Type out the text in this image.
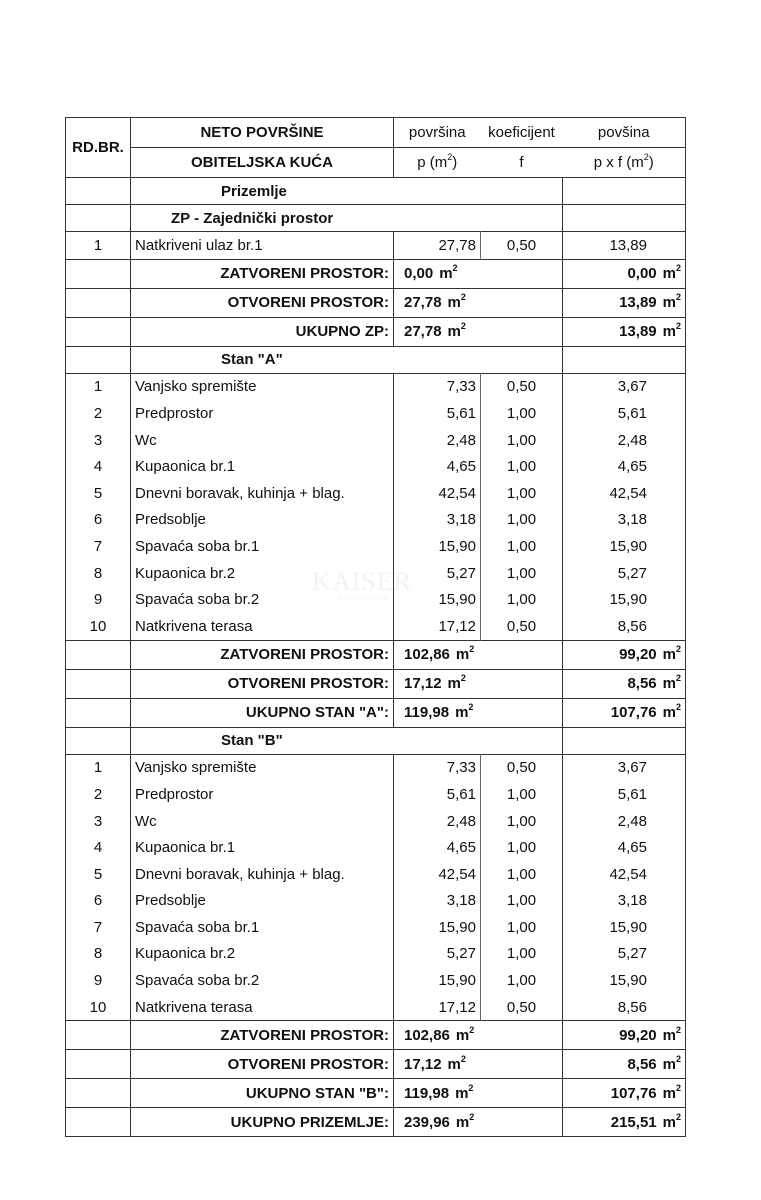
RD.BR.	NETO POVRŠINE	površina	koeficijent	povšina
	OBITELJSKA KUĆA	p $(m^2)$	f	p x f $(m^2)$
	Prizemlje			
	ZP - Zajednički prostor			
1	Natkriveni ulaz br.1	27,78	0,50	13,89
	ZATVORENI PROSTOR:	0,00 $m^2$		0,00 $m^2$
	OTVORENI PROSTOR:	27,78 $m^2$		13,89 $m^2$
	UKUPNO ZP:	27,78 $m^2$		13,89 $m^2$
	Stan "A"			
1	Vanjsko spremište	7,33	0,50	3,67
2	Predprostor	5,61	1,00	5,61
3	Wc	2,48	1,00	2,48
4	Kupaonica br.1	4,65	1,00	4,65
5	Dnevni boravak, kuhinja + blag.	42,54	1,00	42,54
6	Predsoblje	3,18	1,00	3,18
7	Spavaća soba br.1	15,90	1,00	15,90
8	Kupaonica br.2	5,27	1,00	5,27
9	Spavaća soba br.2	15,90	1,00	15,90
10	Natkrivena terasa	17,12	0,50	8,56
	ZATVORENI PROSTOR:	102,86 $m^2$		99,20 $m^2$
	OTVORENI PROSTOR:	17,12 $m^2$		8,56 $m^2$
	UKUPNO STAN "A":	119,98 $m^2$		107,76 $m^2$
	Stan "B"			
1	Vanjsko spremište	7,33	0,50	3,67
2	Predprostor	5,61	1,00	5,61
3	Wc	2,48	1,00	2,48
4	Kupaonica br.1	4,65	1,00	4,65
5	Dnevni boravak, kuhinja + blag.	42,54	1,00	42,54
6	Predsoblje	3,18	1,00	3,18
7	Spavaća soba br.1	15,90	1,00	15,90
8	Kupaonica br.2	5,27	1,00	5,27
9	Spavaća soba br.2	15,90	1,00	15,90
10	Natkrivena terasa	17,12	0,50	8,56
	ZATVORENI PROSTOR:	102,86 $m^2$		99,20 $m^2$
	OTVORENI PROSTOR:	17,12 $m^2$		8,56 $m^2$
	UKUPNO STAN "B":	119,98 $m^2$		107,76 $m^2$
	UKUPNO PRIZEMLJE:	239,96 $m^2$		215,51 $m^2$
KAISER
IMMOBILIEN
